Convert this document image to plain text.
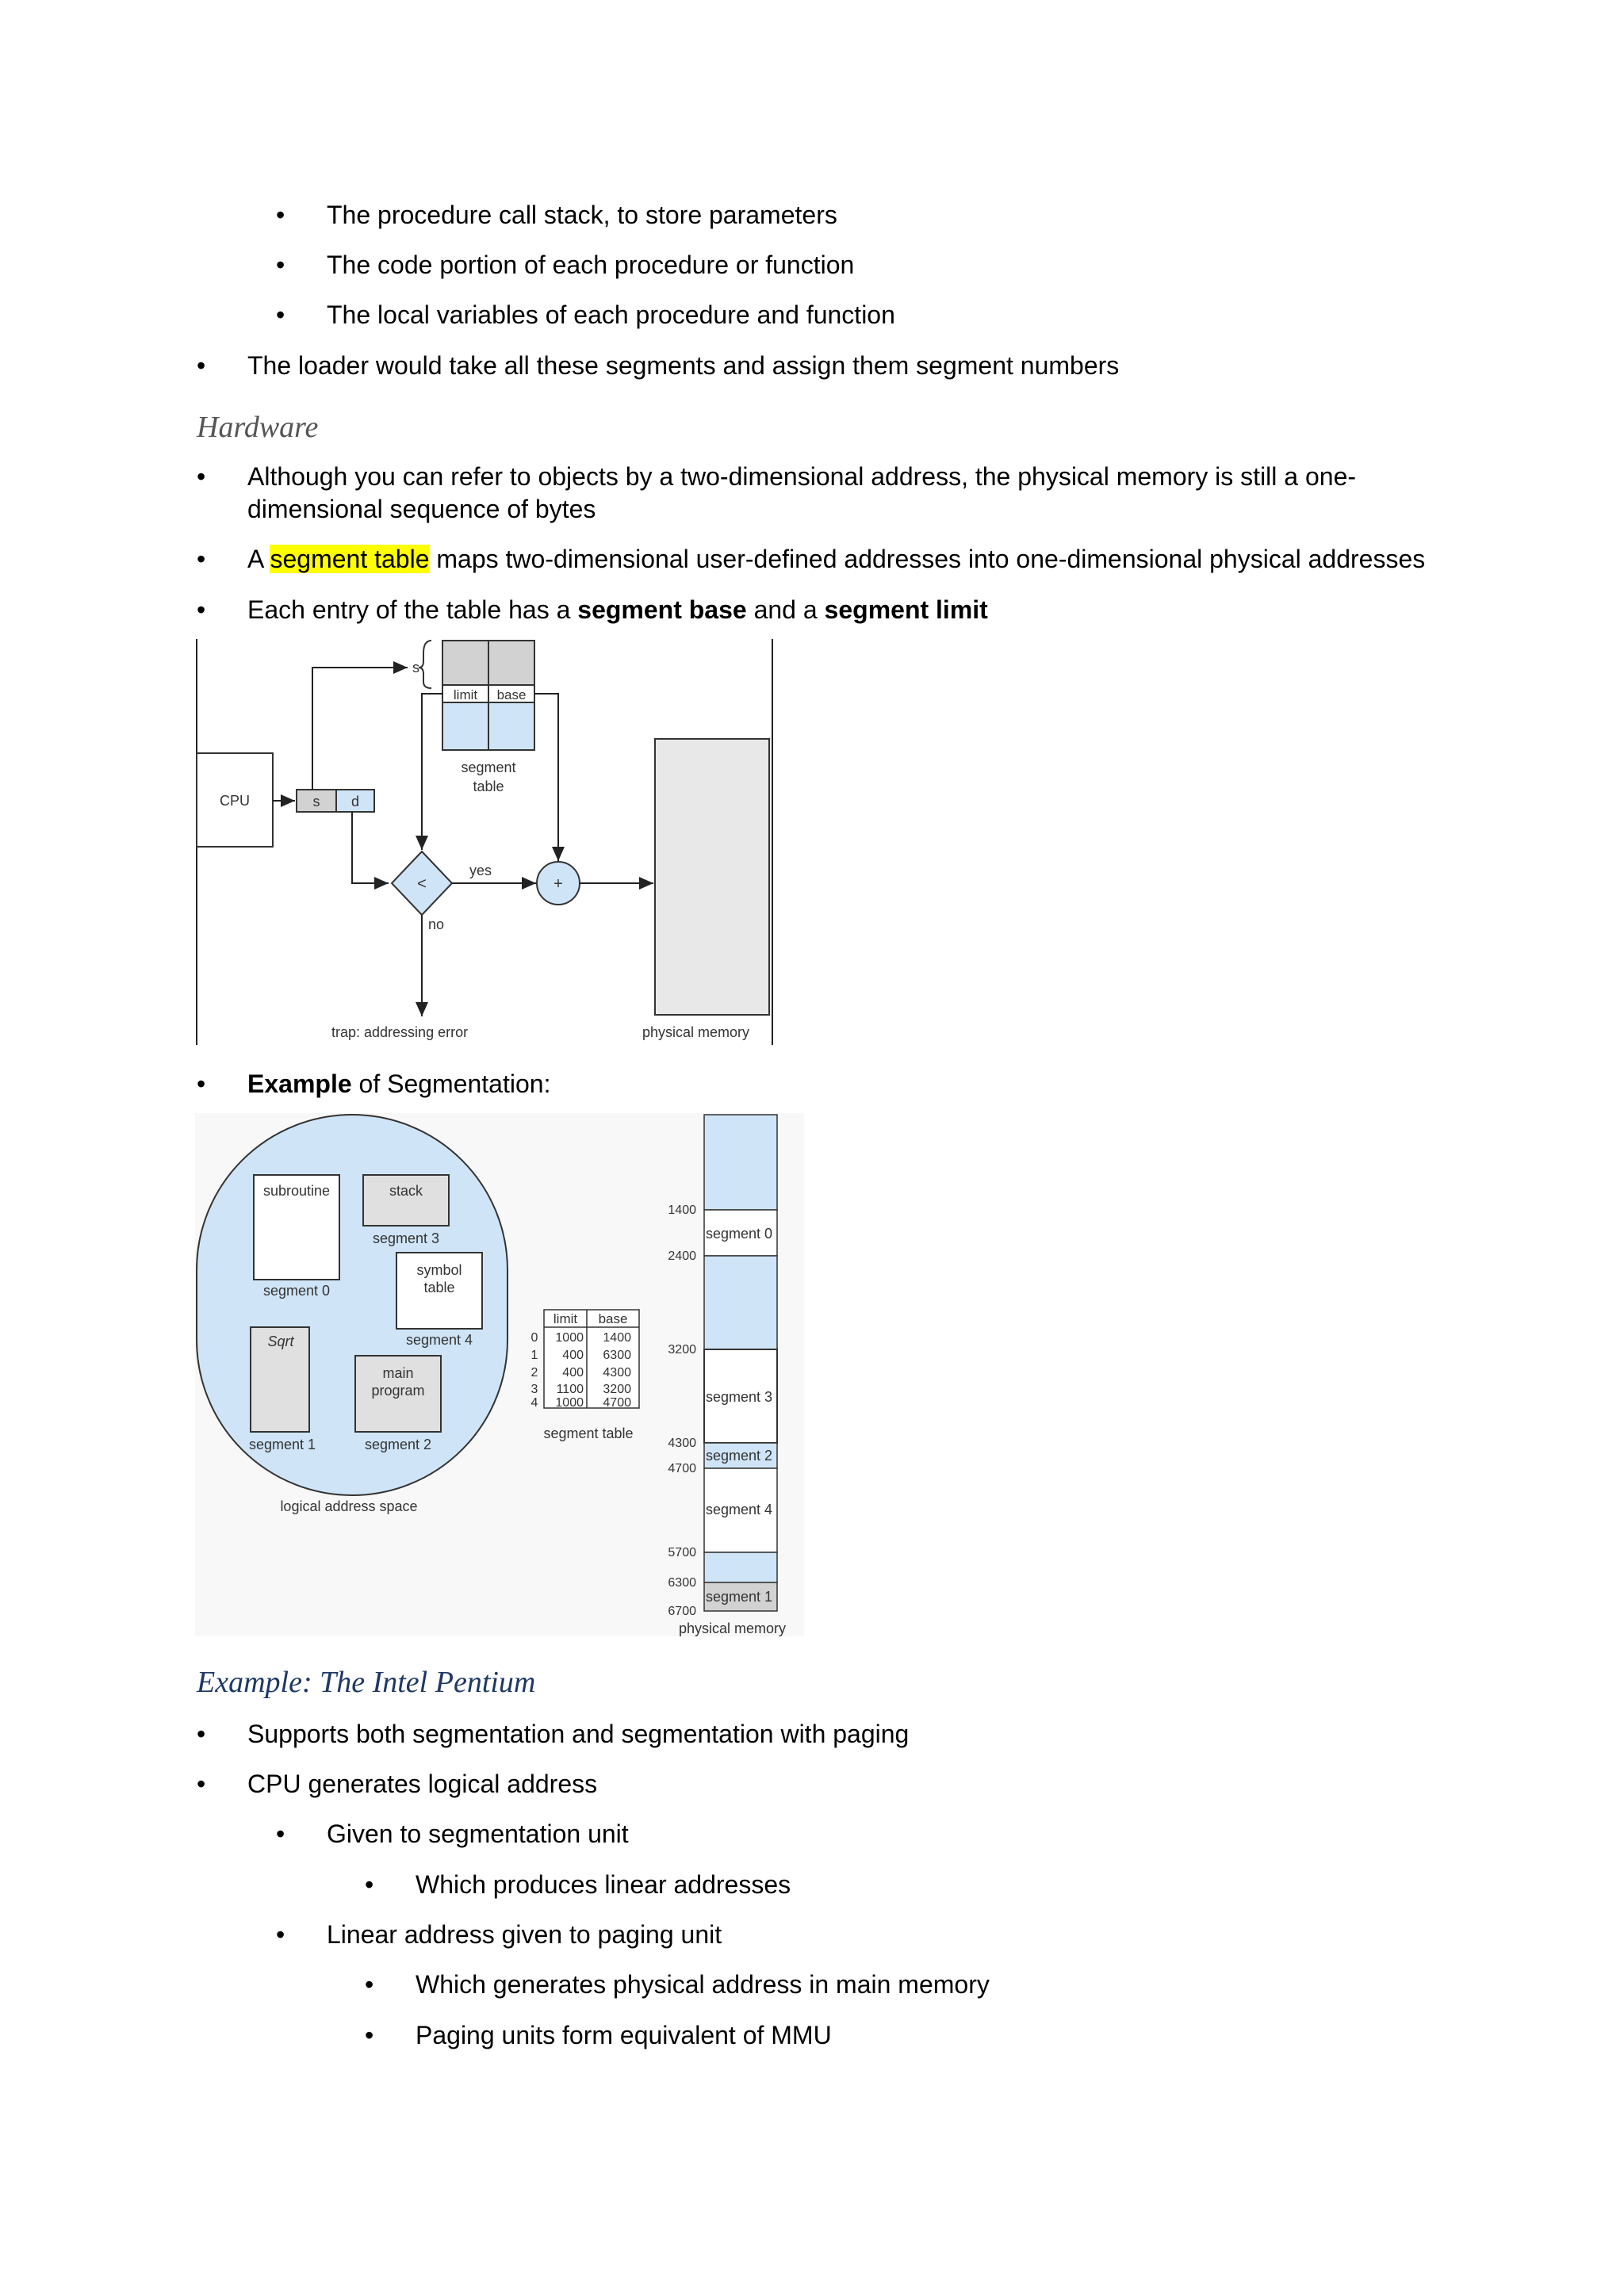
• The procedure call stack, to store parameters
• The code portion of each procedure or function
• The local variables of each procedure and function
• The loader would take all these segments and assign them segment numbers
Hardware
• Although you can refer to objects by a two-dimensional address, the physical memory is still a one-
dimensional sequence of bytes
• A segment table maps two-dimensional user-defined addresses into one-dimensional physical addresses
• Each entry of the table has a segment base and a segment limit
CPU	s d
s
limit base
segment
table
<
yes
+
no
trap: addressing error	physical memory
• Example of Segmentation:
subroutine
segment 0
stack
segment 3
symbol
table
segment 4
Sqrt
segment 1
main
program
segment 2
logical address space
limit base
0 1000 1400
1 400 6300
2 400 4300
3 1100 3200
4 1000 4700
segment table
segment 0
segment 3
segment 2
segment 4
segment 1
1400
2400
3200
4300
4700
5700
6300
6700
physical memory
Example: The Intel Pentium
• Supports both segmentation and segmentation with paging
• CPU generates logical address
• Given to segmentation unit
• Which produces linear addresses
• Linear address given to paging unit
• Which generates physical address in main memory
• Paging units form equivalent of MMU
